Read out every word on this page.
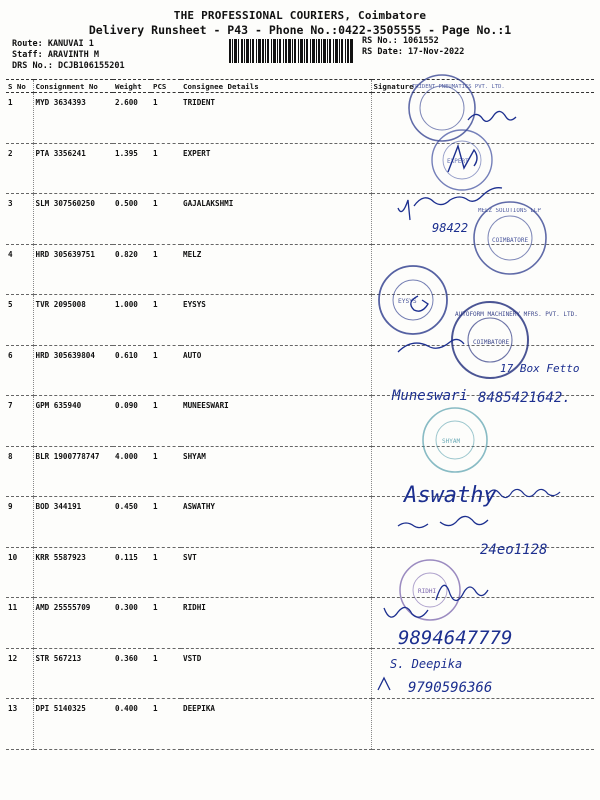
THE PROFESSIONAL COURIERS, Coimbatore
Delivery Runsheet - P43 - Phone No.:0422-3505555 - Page No.:1
Route: KANUVAI 1
Staff: ARAVINTH M
DRS No.: DCJB106155201
RS No.: 1061552
RS Date: 17-Nov-2022
S No	Consignment No	Weight	PCS	Consignee Details	Signature
1	MYD 3634393	2.600	1	TRIDENT	
2	PTA 3356241	1.395	1	EXPERT	
3	SLM 307560250	0.500	1	GAJALAKSHMI	
4	HRD 305639751	0.820	1	MELZ	
5	TVR 2095008	1.000	1	EYSYS	
6	HRD 305639804	0.610	1	AUTO	
7	GPM 635940	0.090	1	MUNEESWARI	
8	BLR 1900778747	4.000	1	SHYAM	
9	BOD 344191	0.450	1	ASWATHY	
10	KRR 5587923	0.115	1	SVT	
11	AMD 25555709	0.300	1	RIDHI	
12	STR 567213	0.360	1	VSTD	
13	DPI 5140325	0.400	1	DEEPIKA	
TRIDENT PNEUMATICS PVT. LTD.
EXPERT
98422
MELZ SOLUTIONS LLP
COIMBATORE
EYSYS
AUTOFORM MACHINERY MFRS. PVT. LTD.
COIMBATORE
17 Box Fetto
Muneswari 8485421642.
SHYAM
Aswathy
24eo1128
RIDHI
9894647779
S. Deepika
9790596366
